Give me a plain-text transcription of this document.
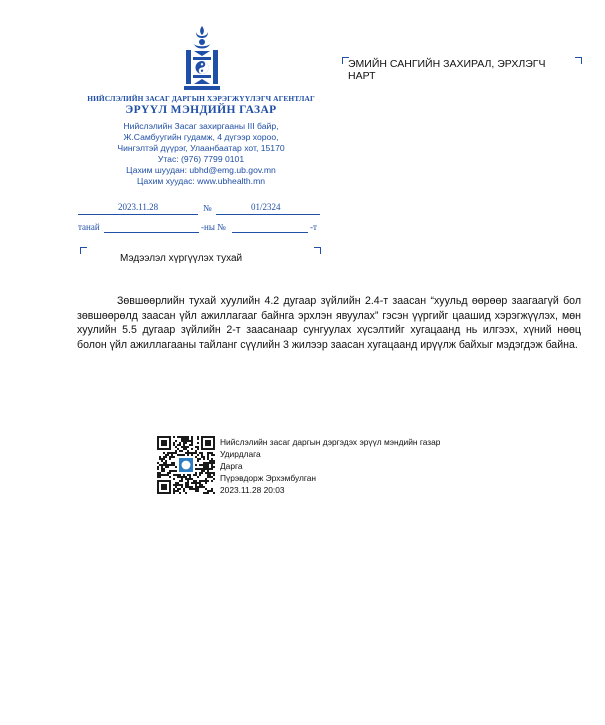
НИЙСЛЭЛИЙН ЗАСАГ ДАРГЫН ХЭРЭГЖҮҮЛЭГЧ АГЕНТЛАГ
ЭРҮҮЛ МЭНДИЙН ГАЗАР
Нийслэлийн Засаг захиргааны III байр,
Ж.Самбуугийн гудамж, 4 дүгээр хороо,
Чингэлтэй дүүрэг, Улаанбаатар хот, 15170
Утас: (976) 7799 0101
Цахим шуудан: ubhd@emg.ub.gov.mn
Цахим хуудас: www.ubhealth.mn
2023.11.28	№	01/2324
танай	-ны №	-т
ЭМИЙН САНГИЙН ЗАХИРАЛ, ЭРХЛЭГЧ
НАРТ
Мэдээлэл хүргүүлэх тухай

Зөвшөөрлийн тухай хуулийн 4.2 дугаар зүйлийн 2.4-т заасан “хуульд өөрөөр заагаагүй бол зөвшөөрөлд заасан үйл ажиллагааг байнга эрхлэн явуулах” гэсэн үүргийг цаашид хэрэгжүүлэх, мөн хуулийн 5.5 дугаар зүйлийн 2-т заасанаар сунгуулах хүсэлтийг хугацаанд нь илгээх, хүний нөөц болон үйл ажиллагааны тайланг сүүлийн 3 жилээр заасан хугацаанд ирүүлж байхыг мэдэгдэж байна.

Нийслэлийн засаг даргын дэргэдэх эрүүл мэндийн газар
Удирдлага
Дарга
Пүрэвдорж Эрхэмбулган
2023.11.28 20:03
